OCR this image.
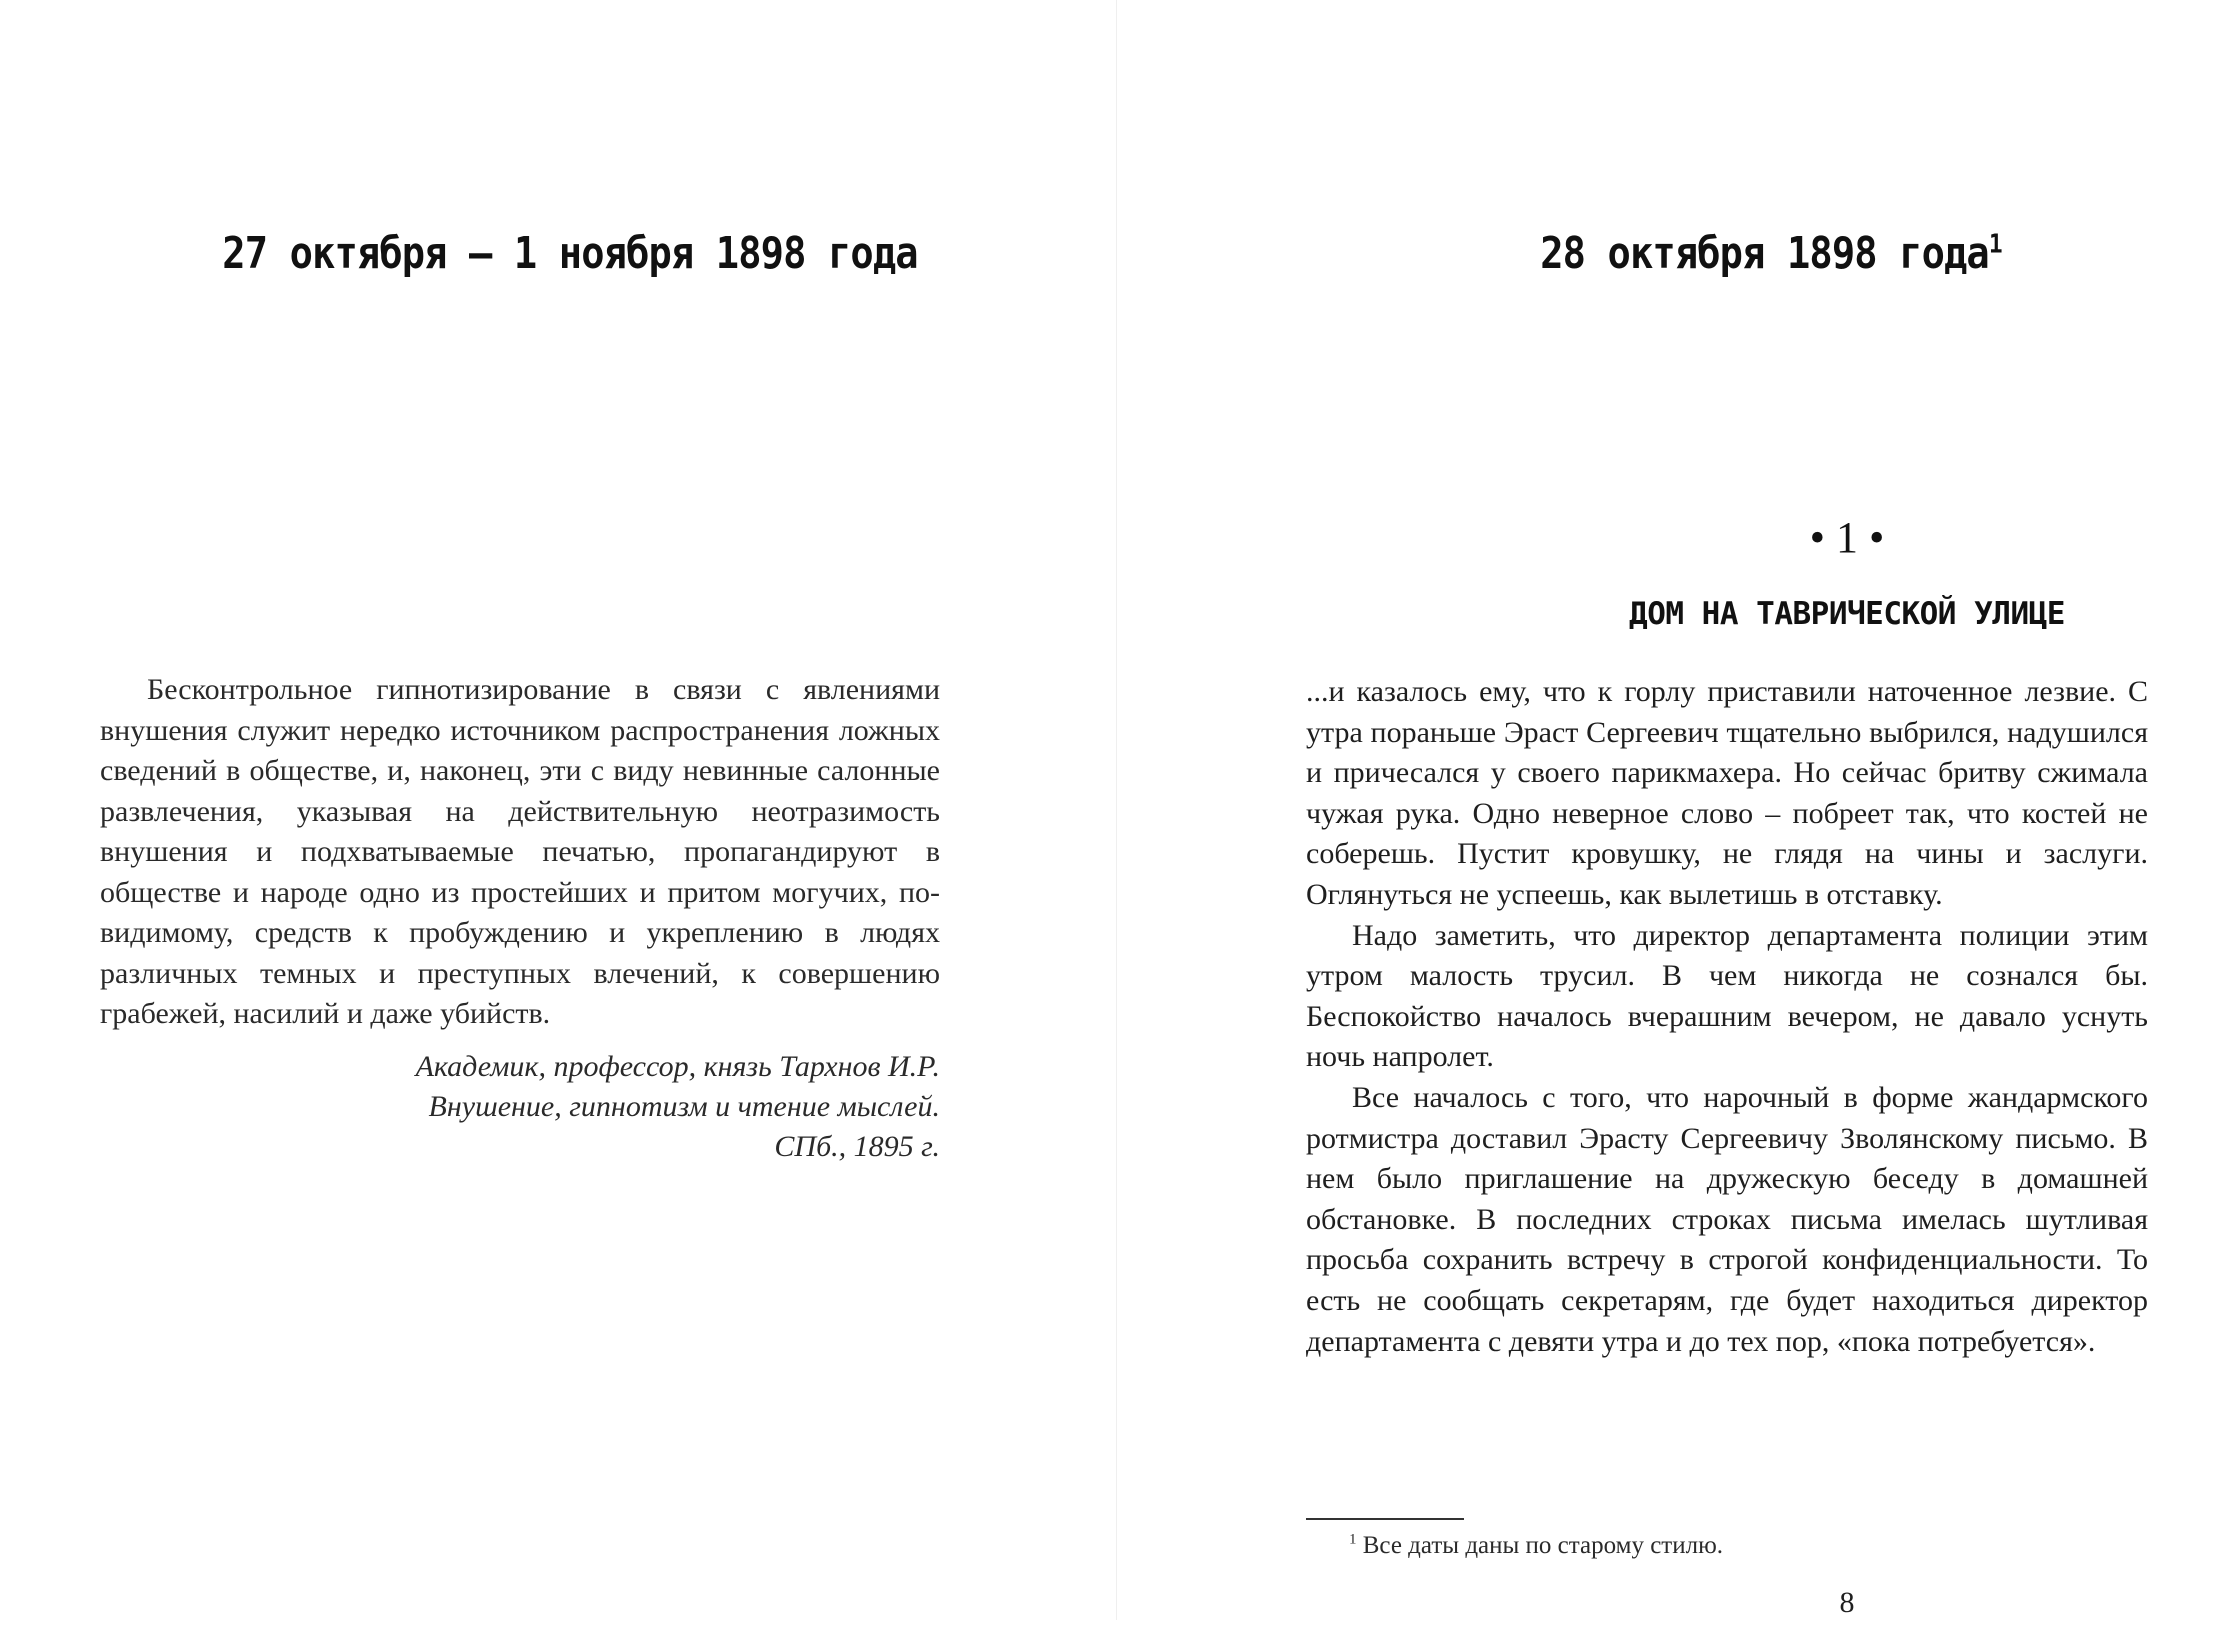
27 октября – 1 ноября 1898 года

Бесконтрольное гипнотизирование в связи с явлениями внушения служит нередко источником распространения ложных сведений в обществе, и, наконец, эти с виду невинные салонные развлечения, указывая на действительную неотразимость внушения и подхватываемые печатью, пропагандируют в обществе и народе одно из простейших и притом могучих, по-видимому, средств к пробуждению и укреплению в людях различных темных и преступных влечений, к совершению грабежей, насилий и даже убийств.

Академик, профессор, князь Тархнов И.Р.
Внушение, гипнотизм и чтение мыслей.
СПб., 1895 г.
28 октября 1898 года$^1$
• 1 •
ДОМ НА ТАВРИЧЕСКОЙ УЛИЦЕ

...и казалось ему, что к горлу приставили наточенное лезвие. С утра пораньше Эраст Сергеевич тщательно выбрился, надушился и причесался у своего парикмахера. Но сейчас бритву сжимала чужая рука. Одно неверное слово – побреет так, что костей не соберешь. Пустит кровушку, не глядя на чины и заслуги. Оглянуться не успеешь, как вылетишь в отставку.

Надо заметить, что директор департамента полиции этим утром малость трусил. В чем никогда не сознался бы. Беспокойство началось вчерашним вечером, не давало уснуть ночь напролет.

Все началось с того, что нарочный в форме жандармского ротмистра доставил Эрасту Сергеевичу Зволянскому письмо. В нем было приглашение на дружескую беседу в домашней обстановке. В последних строках письма имелась шутливая просьба сохранить встречу в строгой конфиденциальности. То есть не сообщать секретарям, где будет находиться директор департамента с девяти утра и до тех пор, «пока потребуется».

$^1$ Все даты даны по старому стилю.

8
